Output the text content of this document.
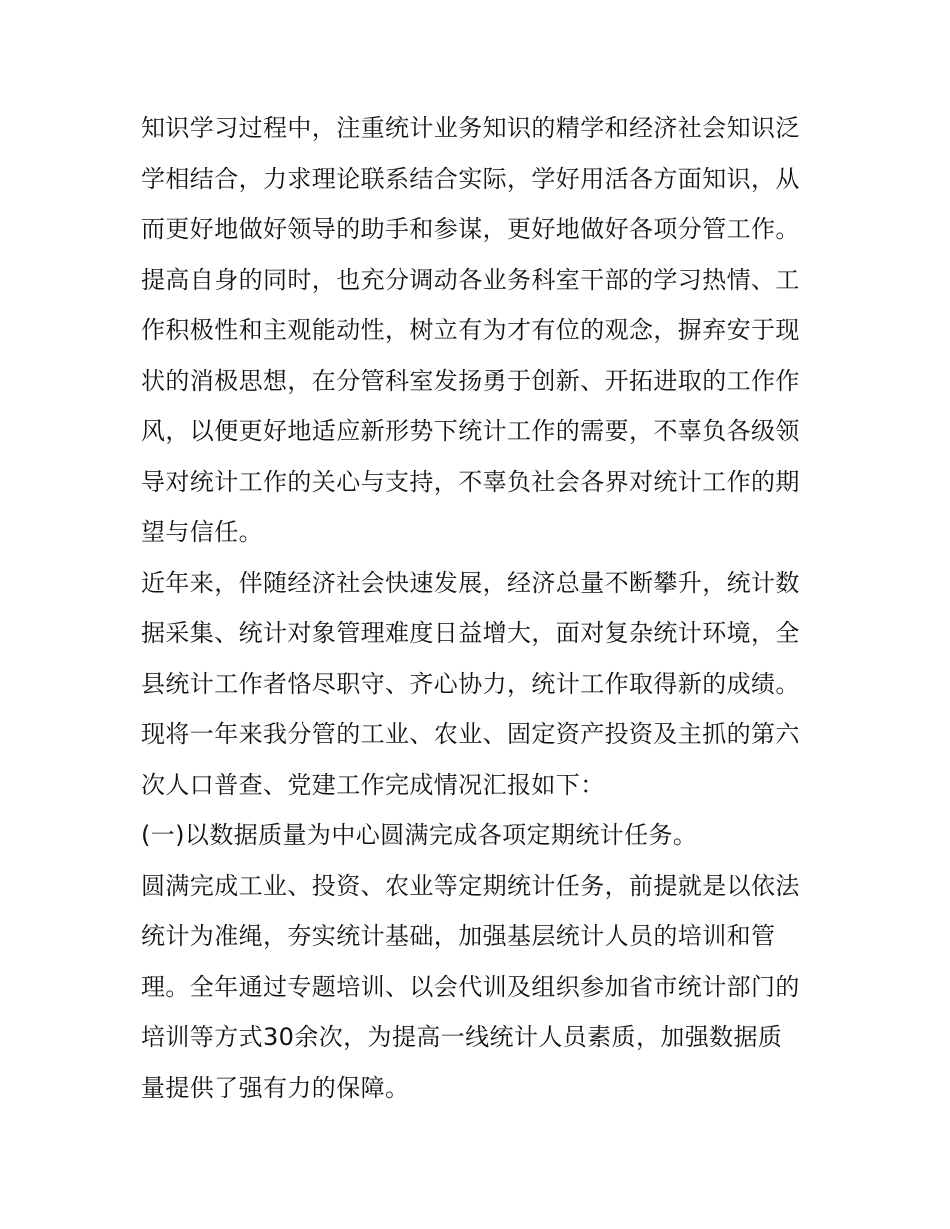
知识学习过程中，注重统计业务知识的精学和经济社会知识泛
学相结合，力求理论联系结合实际，学好用活各方面知识，从
而更好地做好领导的助手和参谋，更好地做好各项分管工作。
提高自身的同时，也充分调动各业务科室干部的学习热情、工
作积极性和主观能动性，树立有为才有位的观念，摒弃安于现
状的消极思想，在分管科室发扬勇于创新、开拓进取的工作作
风，以便更好地适应新形势下统计工作的需要，不辜负各级领
导对统计工作的关心与支持，不辜负社会各界对统计工作的期
望与信任。
近年来，伴随经济社会快速发展，经济总量不断攀升，统计数
据采集、统计对象管理难度日益增大，面对复杂统计环境，全
县统计工作者恪尽职守、齐心协力，统计工作取得新的成绩。
现将一年来我分管的工业、农业、固定资产投资及主抓的第六
次人口普查、党建工作完成情况汇报如下：
(一)以数据质量为中心圆满完成各项定期统计任务。
圆满完成工业、投资、农业等定期统计任务，前提就是以依法
统计为准绳，夯实统计基础，加强基层统计人员的培训和管
理。全年通过专题培训、以会代训及组织参加省市统计部门的
培训等方式30余次，为提高一线统计人员素质，加强数据质
量提供了强有力的保障。
